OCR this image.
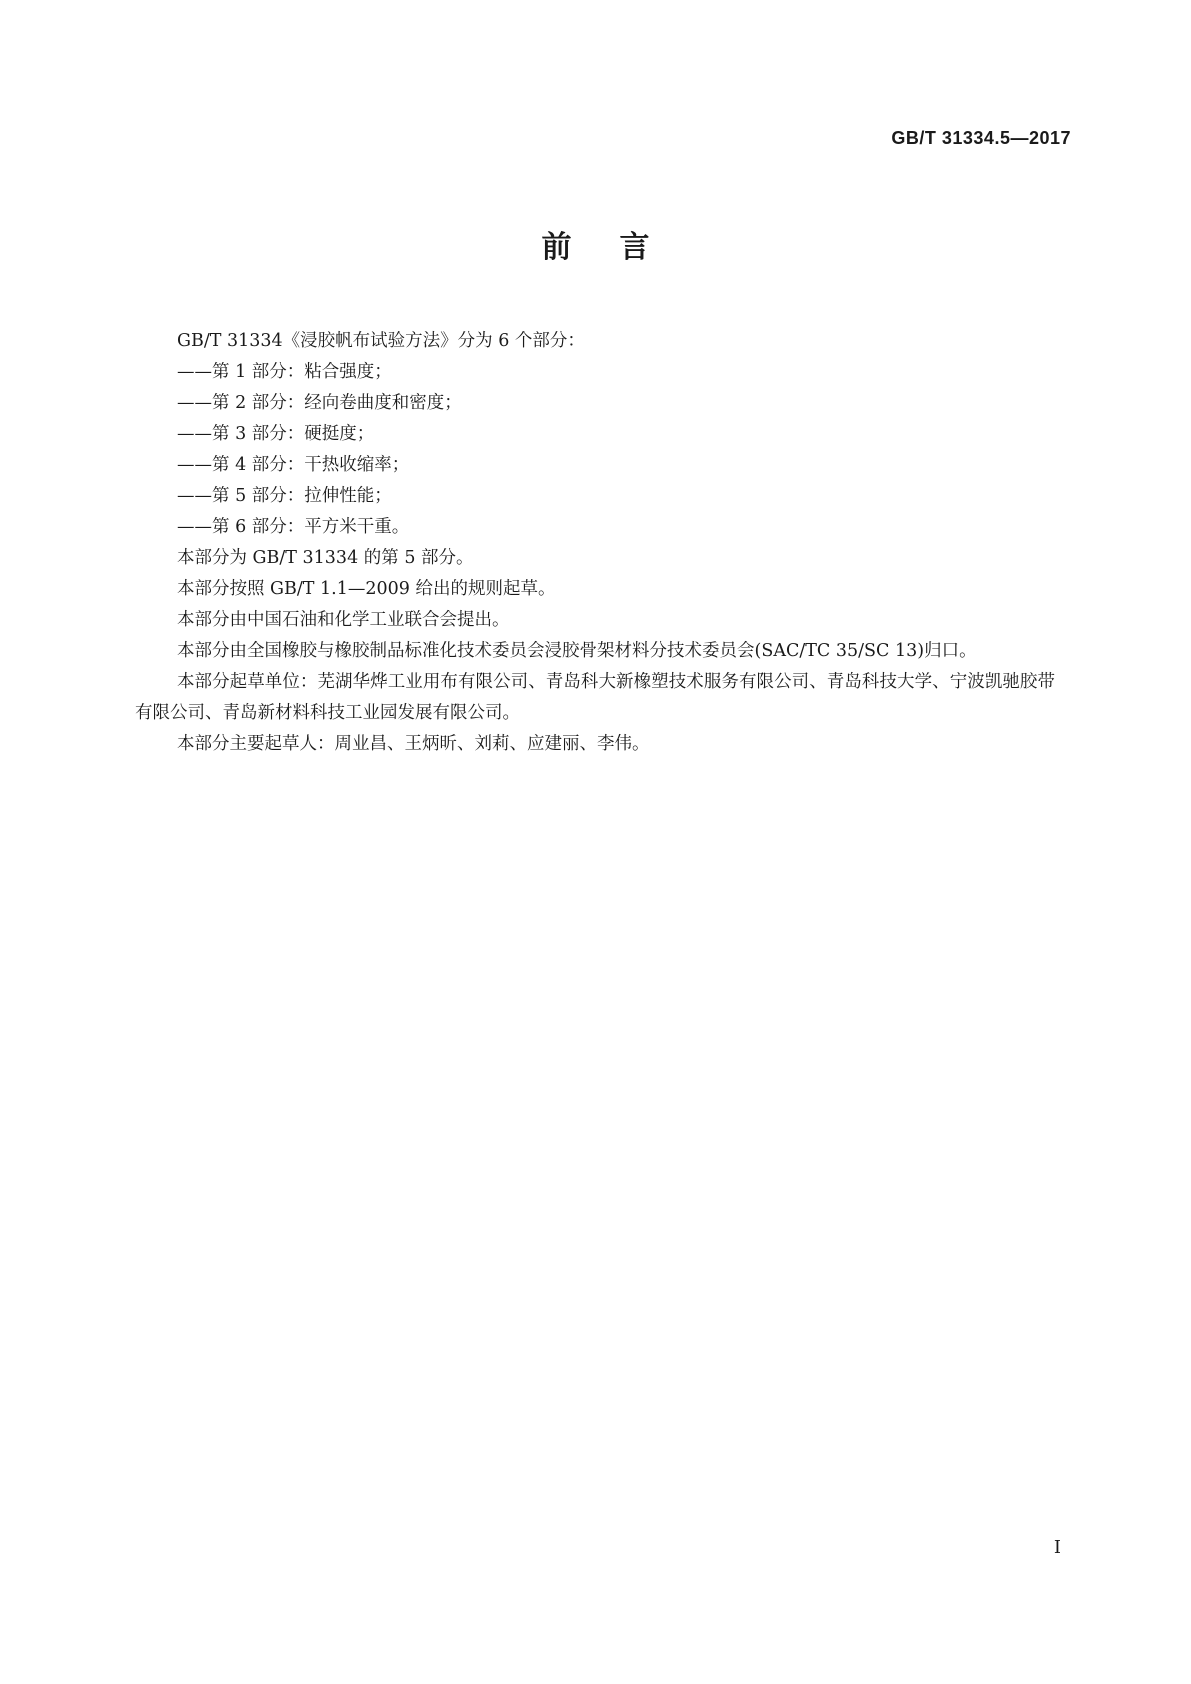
GB/T 31334.5—2017
前言

GB/T 31334《浸胶帆布试验方法》分为 6 个部分：

——第 1 部分：粘合强度；

——第 2 部分：经向卷曲度和密度；

——第 3 部分：硬挺度；

——第 4 部分：干热收缩率；

——第 5 部分：拉伸性能；

——第 6 部分：平方米干重。

本部分为 GB/T 31334 的第 5 部分。

本部分按照 GB/T 1.1—2009 给出的规则起草。

本部分由中国石油和化学工业联合会提出。

本部分由全国橡胶与橡胶制品标准化技术委员会浸胶骨架材料分技术委员会(SAC/TC 35/SC 13)归口。

本部分起草单位：芜湖华烨工业用布有限公司、青岛科大新橡塑技术服务有限公司、青岛科技大学、宁波凯驰胶带有限公司、青岛新材料科技工业园发展有限公司。

本部分主要起草人：周业昌、王炳昕、刘莉、应建丽、李伟。

I
